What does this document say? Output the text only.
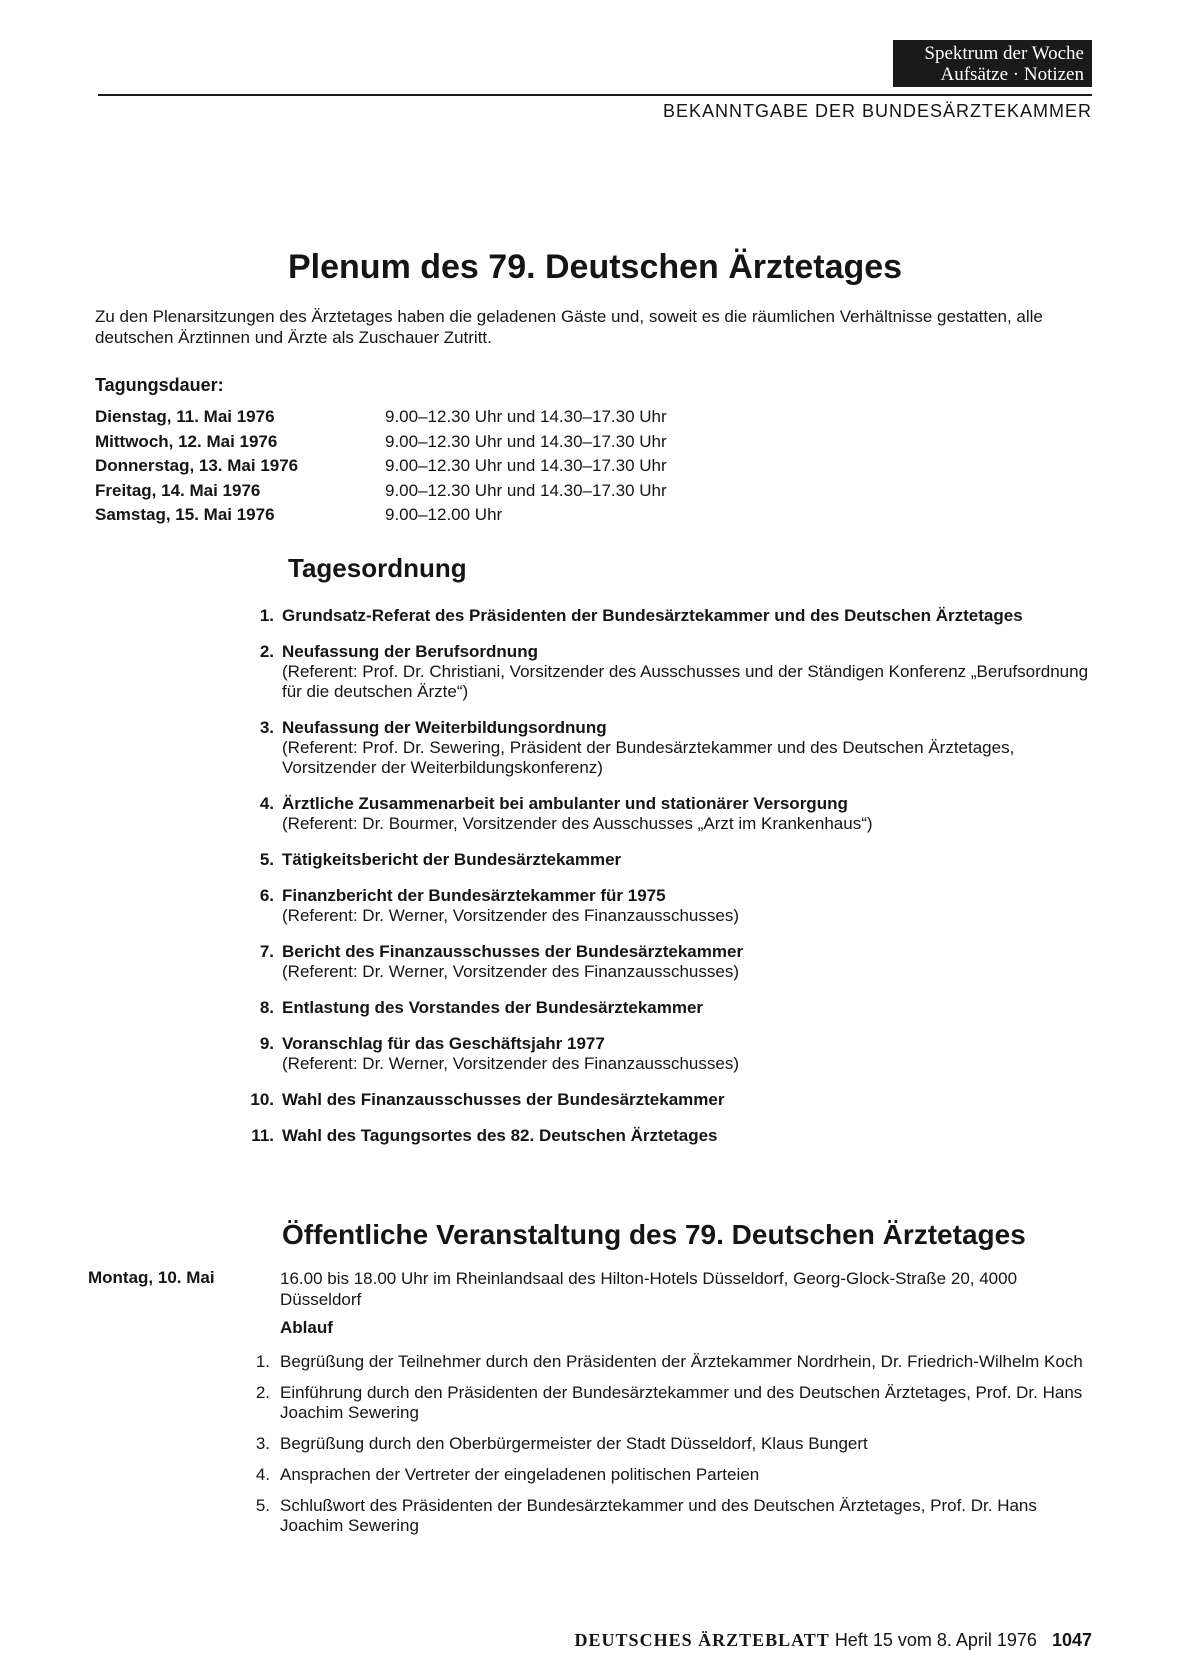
Spektrum der Woche
Aufsätze · Notizen
BEKANNTGABE DER BUNDESÄRZTEKAMMER
Plenum des 79. Deutschen Ärztetages

Zu den Plenarsitzungen des Ärztetages haben die geladenen Gäste und, soweit es die räumlichen Verhältnisse gestatten, alle deutschen Ärztinnen und Ärzte als Zuschauer Zutritt.

Tagungsdauer:

Dienstag, 11. Mai 1976	9.00–12.30 Uhr und 14.30–17.30 Uhr
Mittwoch, 12. Mai 1976	9.00–12.30 Uhr und 14.30–17.30 Uhr
Donnerstag, 13. Mai 1976	9.00–12.30 Uhr und 14.30–17.30 Uhr
Freitag, 14. Mai 1976	9.00–12.30 Uhr und 14.30–17.30 Uhr
Samstag, 15. Mai 1976	9.00–12.00 Uhr
Tagesordnung
1. Grundsatz-Referat des Präsidenten der Bundesärztekammer und des Deutschen Ärztetages
2. Neufassung der Berufsordnung
(Referent: Prof. Dr. Christiani, Vorsitzender des Ausschusses und der Ständigen Konferenz „Berufsordnung für die deutschen Ärzte“)
3. Neufassung der Weiterbildungsordnung
(Referent: Prof. Dr. Sewering, Präsident der Bundesärztekammer und des Deutschen Ärztetages, Vorsitzender der Weiterbildungskonferenz)
4. Ärztliche Zusammenarbeit bei ambulanter und stationärer Versorgung
(Referent: Dr. Bourmer, Vorsitzender des Ausschusses „Arzt im Krankenhaus“)
5. Tätigkeitsbericht der Bundesärztekammer
6. Finanzbericht der Bundesärztekammer für 1975
(Referent: Dr. Werner, Vorsitzender des Finanzausschusses)
7. Bericht des Finanzausschusses der Bundesärztekammer
(Referent: Dr. Werner, Vorsitzender des Finanzausschusses)
8. Entlastung des Vorstandes der Bundesärztekammer
9. Voranschlag für das Geschäftsjahr 1977
(Referent: Dr. Werner, Vorsitzender des Finanzausschusses)
10. Wahl des Finanzausschusses der Bundesärztekammer
11. Wahl des Tagungsortes des 82. Deutschen Ärztetages
Öffentliche Veranstaltung des 79. Deutschen Ärztetages

Montag, 10. Mai	16.00 bis 18.00 Uhr im Rheinlandsaal des Hilton-Hotels Düsseldorf, Georg-Glock-Straße 20, 4000 Düsseldorf

Ablauf

1. Begrüßung der Teilnehmer durch den Präsidenten der Ärztekammer Nordrhein, Dr. Friedrich-Wilhelm Koch
2. Einführung durch den Präsidenten der Bundesärztekammer und des Deutschen Ärztetages, Prof. Dr. Hans Joachim Sewering
3. Begrüßung durch den Oberbürgermeister der Stadt Düsseldorf, Klaus Bungert
4. Ansprachen der Vertreter der eingeladenen politischen Parteien
5. Schlußwort des Präsidenten der Bundesärztekammer und des Deutschen Ärztetages, Prof. Dr. Hans Joachim Sewering
DEUTSCHES ÄRZTEBLATT Heft 15 vom 8. April 1976 1047
